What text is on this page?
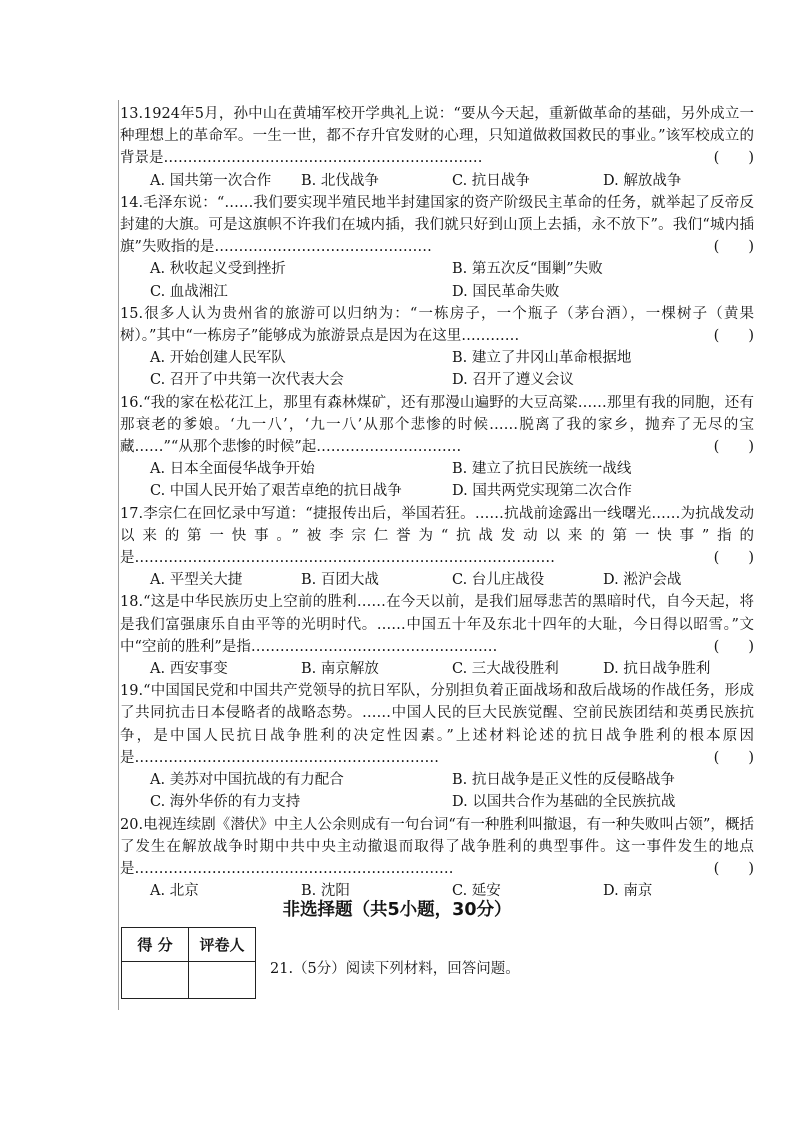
13.1924年5月，孙中山在黄埔军校开学典礼上说：“要从今天起，重新做革命的基础，另外成立一种理想上的革命军。一生一世，都不存升官发财的心理，只知道做救国救民的事业。”该军校成立的背景是…………………………………………………………	(　　)
A. 国共第一次合作	B. 北伐战争	C. 抗日战争	D. 解放战争
14.毛泽东说：“……我们要实现半殖民地半封建国家的资产阶级民主革命的任务，就举起了反帝反封建的大旗。可是这旗帜不许我们在城内插，我们就只好到山顶上去插，永不放下”。我们“城内插旗”失败指的是………………………………………	(　　)
A. 秋收起义受到挫折	B. 第五次反“围剿”失败
C. 血战湘江	D. 国民革命失败
15.很多人认为贵州省的旅游可以归纳为：“一栋房子，一个瓶子（茅台酒），一棵树子（黄果树）。”其中“一栋房子”能够成为旅游景点是因为在这里…………	(　　)
A. 开始创建人民军队	B. 建立了井冈山革命根据地
C. 召开了中共第一次代表大会	D. 召开了遵义会议
16.“我的家在松花江上，那里有森林煤矿，还有那漫山遍野的大豆高粱……那里有我的同胞，还有那衰老的爹娘。‘九一八’，‘九一八’从那个悲惨的时候……脱离了我的家乡，抛弃了无尽的宝藏……”“从那个悲惨的时候”起…………………………	(　　)
A. 日本全面侵华战争开始	B. 建立了抗日民族统一战线
C. 中国人民开始了艰苦卓绝的抗日战争	D. 国共两党实现第二次合作
17.李宗仁在回忆录中写道：“捷报传出后，举国若狂。……抗战前途露出一线曙光……为抗战发动以来的第一快事。”被李宗仁誉为“抗战发动以来的第一快事”指的是……………………………………………………………………………	(　　)
A. 平型关大捷	B. 百团大战	C. 台儿庄战役	D. 淞沪会战
18.“这是中华民族历史上空前的胜利……在今天以前，是我们屈辱悲苦的黑暗时代，自今天起，将是我们富强康乐自由平等的光明时代。……中国五十年及东北十四年的大耻，今日得以昭雪。”文中“空前的胜利”是指……………………………………………	(　　)
A. 西安事变	B. 南京解放	C. 三大战役胜利	D. 抗日战争胜利
19.“中国国民党和中国共产党领导的抗日军队，分别担负着正面战场和敌后战场的作战任务，形成了共同抗击日本侵略者的战略态势。……中国人民的巨大民族觉醒、空前民族团结和英勇民族抗争，是中国人民抗日战争胜利的决定性因素。”上述材料论述的抗日战争胜利的根本原因是………………………………………………………	(　　)
A. 美苏对中国抗战的有力配合	B. 抗日战争是正义性的反侵略战争
C. 海外华侨的有力支持	D. 以国共合作为基础的全民族抗战
20.电视连续剧《潜伏》中主人公余则成有一句台词“有一种胜利叫撤退，有一种失败叫占领”，概括了发生在解放战争时期中共中央主动撤退而取得了战争胜利的典型事件。这一事件发生的地点是…………………………………………………………	(　　)
A. 北京	B. 沈阳	C. 延安	D. 南京
非选择题（共5小题，30分）
得 分	评卷人

21.（5分）阅读下列材料，回答问题。
